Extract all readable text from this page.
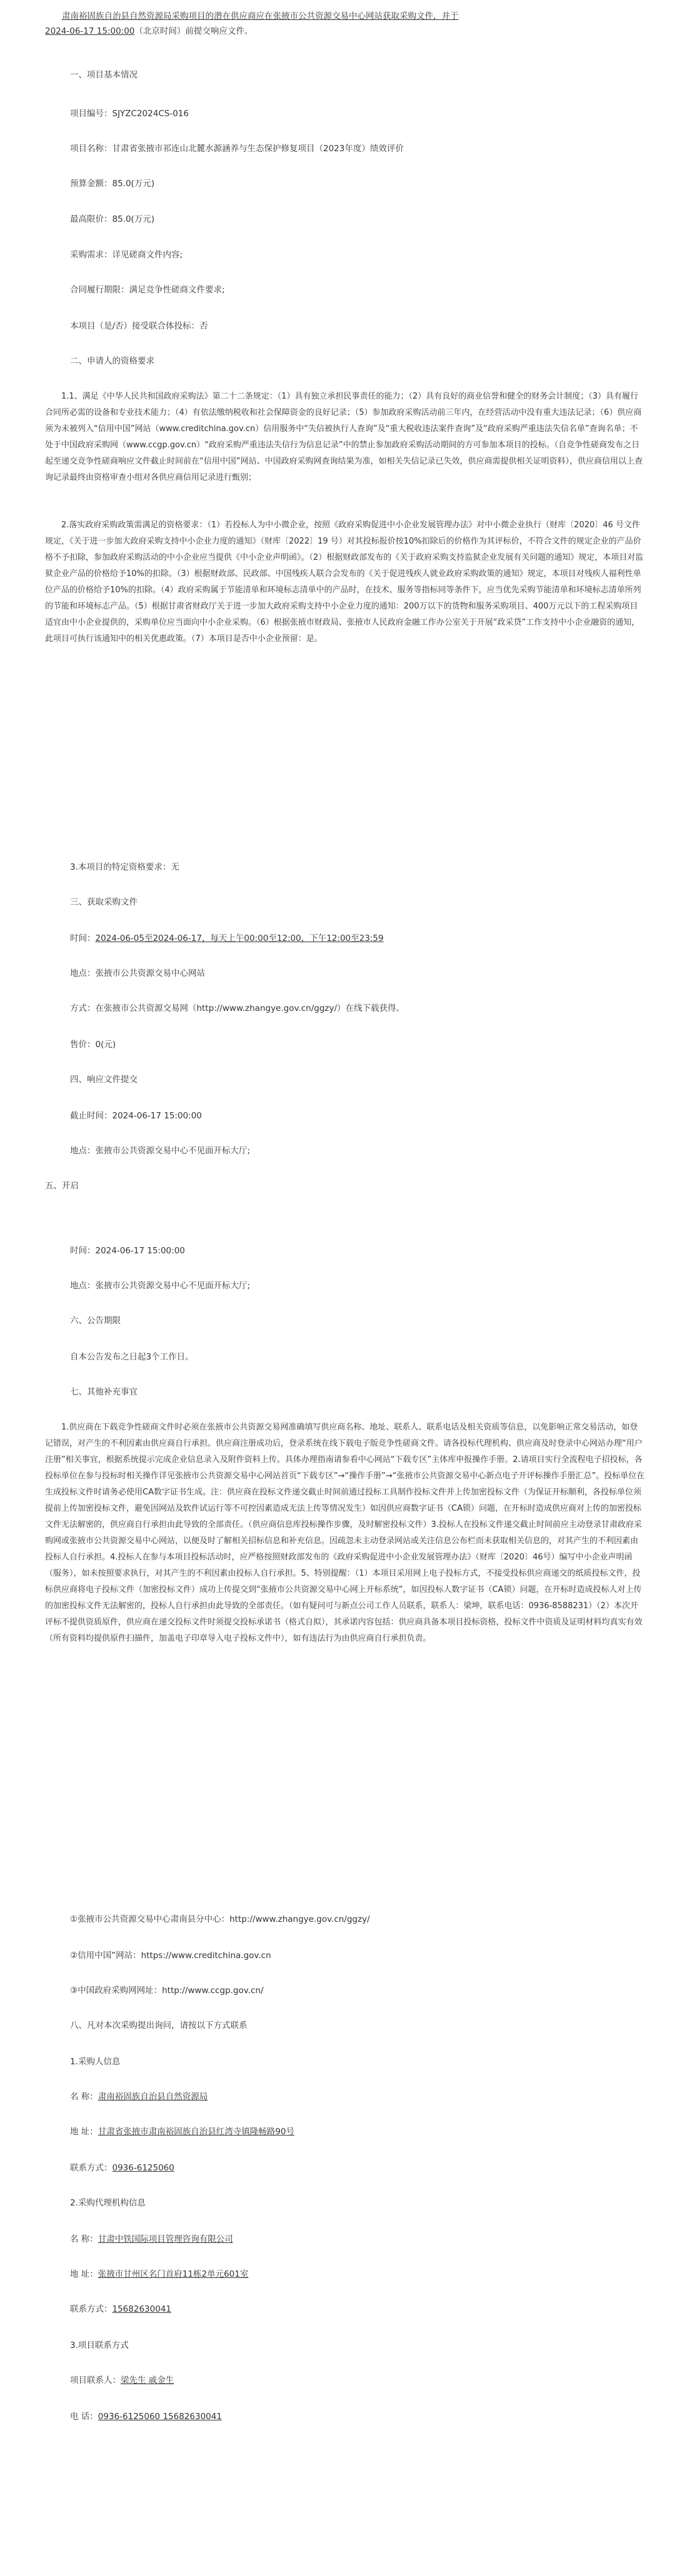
肃南裕固族自治县自然资源局采购项目的潜在供应商应在张掖市公共资源交易中心网站获取采购文件，并于
2024-06-17 15:00:00（北京时间）前提交响应文件。

一、项目基本情况

项目编号：SJYZC2024CS-016

项目名称：甘肃省张掖市祁连山北麓水源涵养与生态保护修复项目（2023年度）绩效评价

预算金额：85.0(万元)

最高限价：85.0(万元)

采购需求：详见磋商文件内容;

合同履行期限：满足竞争性磋商文件要求;

本项目（是/否）接受联合体投标：否

二、申请人的资格要求

1.1、满足《中华人民共和国政府采购法》第二十二条规定：（1）具有独立承担民事责任的能力；（2）具有良好的商业信誉和健全的财务会计制度；（3）具有履行合同所必需的设备和专业技术能力；（4）有依法缴纳税收和社会保障资金的良好记录；（5）参加政府采购活动前三年内，在经营活动中没有重大违法记录；（6）供应商须为未被列入“信用中国”网站（www.creditchina.gov.cn）信用服务中“失信被执行人查询”及“重大税收违法案件查询”及“政府采购严重违法失信名单”查询名单；不处于中国政府采购网（www.ccgp.gov.cn）“政府采购严重违法失信行为信息记录”中的禁止参加政府采购活动期间的方可参加本项目的投标。（自竞争性磋商发布之日起至递交竞争性磋商响应文件截止时间前在“信用中国”网站、中国政府采购网查询结果为准，如相关失信记录已失效，供应商需提供相关证明资料），供应商信用以上查询记录最终由资格审查小组对各供应商信用记录进行甄别；

2.落实政府采购政策需满足的资格要求：（1）若投标人为中小微企业，按照《政府采购促进中小企业发展管理办法》对中小微企业执行（财库〔2020〕46 号文件规定，《关于进一步加大政府采购支持中小企业力度的通知》（财库〔2022〕19 号）对其投标报价按10%扣除后的价格作为其评标价，不符合文件的规定企业的产品价格不予扣除，参加政府采购活动的中小企业应当提供《中小企业声明函》。（2）根据财政部发布的《关于政府采购支持监狱企业发展有关问题的通知》规定，本项目对监狱企业产品的价格给予10%的扣除。（3）根据财政部、民政部、中国残疾人联合会发布的《关于促进残疾人就业政府采购政策的通知》规定，本项目对残疾人福利性单位产品的价格给予10%的扣除。（4）政府采购属于节能清单和环境标志清单中的产品时，在技术、服务等指标同等条件下，应当优先采购节能清单和环境标志清单所列的节能和环境标志产品。（5）根据甘肃省财政厅关于进一步加大政府采购支持中小企业力度的通知：200万以下的货物和服务采购项目、400万元以下的工程采购项目适宜由中小企业提供的，采购单位应当面向中小企业采购。（6）根据张掖市财政局、张掖市人民政府金融工作办公室关于开展“政采贷”工作支持中小企业融资的通知，此项目可执行该通知中的相关优惠政策。（7）本项目是否中小企业预留：是。

3.本项目的特定资格要求：无

三、获取采购文件

时间：2024-06-05至2024-06-17，每天上午00:00至12:00，下午12:00至23:59

地点：张掖市公共资源交易中心网站

方式：在张掖市公共资源交易网（http://www.zhangye.gov.cn/ggzy/）在线下载获得。

售价：0(元)

四、响应文件提交

截止时间：2024-06-17 15:00:00

地点：张掖市公共资源交易中心不见面开标大厅;

五、开启

时间：2024-06-17 15:00:00

地点：张掖市公共资源交易中心不见面开标大厅;

六、公告期限

自本公告发布之日起3个工作日。

七、其他补充事宜

1.供应商在下载竞争性磋商文件时必须在张掖市公共资源交易网准确填写供应商名称、地址、联系人、联系电话及相关资质等信息，以免影响正常交易活动，如登记错误，对产生的不利因素由供应商自行承担。供应商注册成功后，登录系统在线下载电子版竞争性磋商文件。请各投标代理机构、供应商及时登录中心网站办理“用户注册”相关事宜，根据系统提示完成企业信息录入及附件资料上传。具体办理指南请参看中心网站“下载专区”主体库申报操作手册。2.请项目实行全流程电子招投标，各投标单位在参与投标时相关操作详见张掖市公共资源交易中心网站首页“下载专区”→“操作手册”→“张掖市公共资源交易中心新点电子开评标操作手册汇总”。投标单位在生成投标文件时请务必使用CA数字证书生成。注：供应商在投标文件递交截止时间前通过投标工具制作投标文件并上传加密投标文件（为保证开标顺利，各投标单位须提前上传加密投标文件，避免因网站及软件试运行等不可控因素造成无法上传等情况发生）如因供应商数字证书（CA锁）问题，在开标时造成供应商对上传的加密投标文件无法解密的，供应商自行承担由此导致的全部责任。（供应商信息库投标操作步骤，及时解密投标文件）3.投标人在投标文件递交截止时间前应主动登录甘肃政府采购网或张掖市公共资源交易中心网站，以便及时了解相关招标信息和补充信息。因疏忽未主动登录网站或关注信息公布栏而未获取相关信息的，对其产生的不利因素由投标人自行承担。4.投标人在参与本项目投标活动时，应严格按照财政部发布的《政府采购促进中小企业发展管理办法》（财库〔2020〕46号）编写中小企业声明函（服务），如未按照要求执行，对其产生的不利因素由投标人自行承担。5、特别提醒：（1）本项目采用网上电子投标方式，不接受投标供应商递交的纸质投标文件，投标供应商将电子投标文件（加密投标文件）成功上传提交到“张掖市公共资源交易中心网上开标系统”，如因投标人数字证书（CA锁）问题，在开标时造成投标人对上传的加密投标文件无法解密的，投标人自行承担由此导致的全部责任。（如有疑问可与新点公司工作人员联系，联系人：梁坤，联系电话：0936-8588231）（2）本次开评标不提供资质原件，供应商在递交投标文件时须提交投标承诺书（格式自拟），其承诺内容包括：供应商具备本项目投标资格，投标文件中资质及证明材料均真实有效（所有资料均提供原件扫描件，加盖电子印章导入电子投标文件中），如有违法行为由供应商自行承担负责。

①张掖市公共资源交易中心肃南县分中心：http://www.zhangye.gov.cn/ggzy/

②信用中国”网站：https://www.creditchina.gov.cn

③中国政府采购网网址：http://www.ccgp.gov.cn/

八、凡对本次采购提出询问，请按以下方式联系

1.采购人信息

名 称：肃南裕固族自治县自然资源局

地 址：甘肃省张掖市肃南裕固族自治县红湾寺镇隆畅路90号

联系方式：0936-6125060

2.采购代理机构信息

名 称：甘肃中铁国际项目管理咨询有限公司

地 址：张掖市甘州区名门首府11栋2单元601室

联系方式：15682630041

3.项目联系方式

项目联系人：梁先生 戚金生

电 话：0936-6125060 15682630041
